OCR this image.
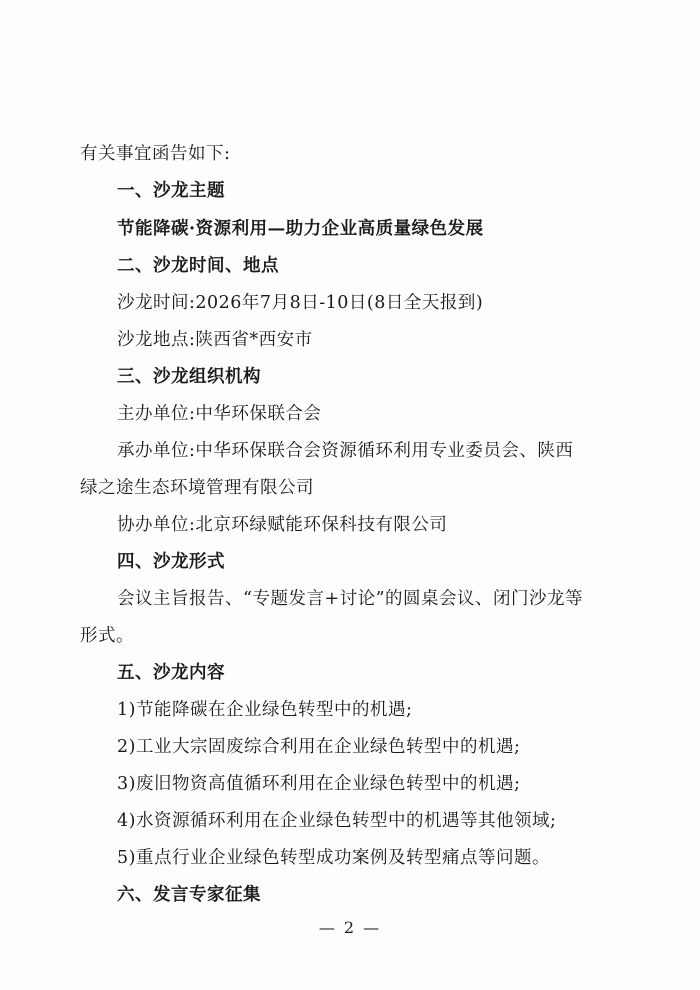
有关事宜函告如下:
一、沙龙主题
节能降碳·资源利用—助力企业高质量绿色发展
二、沙龙时间、地点
沙龙时间:2026年7月8日-10日(8日全天报到)
沙龙地点:陕西省*西安市
三、沙龙组织机构
主办单位:中华环保联合会
承办单位:中华环保联合会资源循环利用专业委员会、陕西
绿之途生态环境管理有限公司
协办单位:北京环绿赋能环保科技有限公司
四、沙龙形式
会议主旨报告、“专题发言+讨论”的圆桌会议、闭门沙龙等
形式。
五、沙龙内容
1)节能降碳在企业绿色转型中的机遇;
2)工业大宗固废综合利用在企业绿色转型中的机遇;
3)废旧物资高值循环利用在企业绿色转型中的机遇;
4)水资源循环利用在企业绿色转型中的机遇等其他领域;
5)重点行业企业绿色转型成功案例及转型痛点等问题。
六、发言专家征集
— 2 —
